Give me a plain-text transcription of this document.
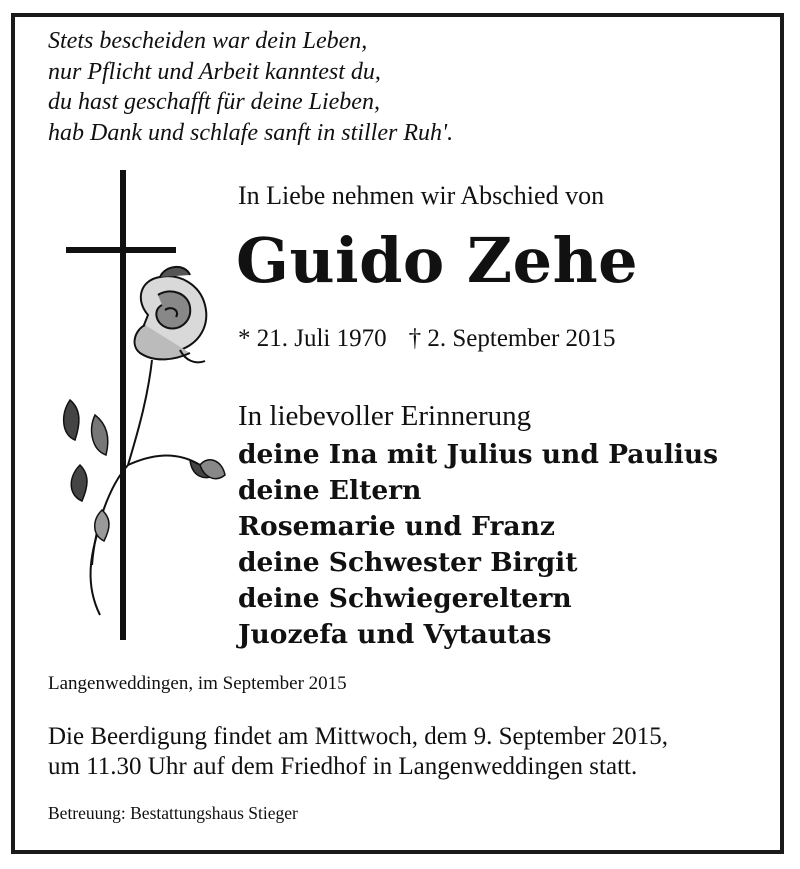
Stets bescheiden war dein Leben,
nur Pflicht und Arbeit kanntest du,
du hast geschafft für deine Lieben,
hab Dank und schlafe sanft in stiller Ruh'.
In Liebe nehmen wir Abschied von
Guido Zehe
* 21. Juli 1970 † 2. September 2015
In liebevoller Erinnerung
deine Ina mit Julius und Paulius
deine Eltern
Rosemarie und Franz
deine Schwester Birgit
deine Schwiegereltern
Juozefa und Vytautas
Langenweddingen, im September 2015
Die Beerdigung findet am Mittwoch, dem 9. September 2015,
um 11.30 Uhr auf dem Friedhof in Langenweddingen statt.
Betreuung: Bestattungshaus Stieger
